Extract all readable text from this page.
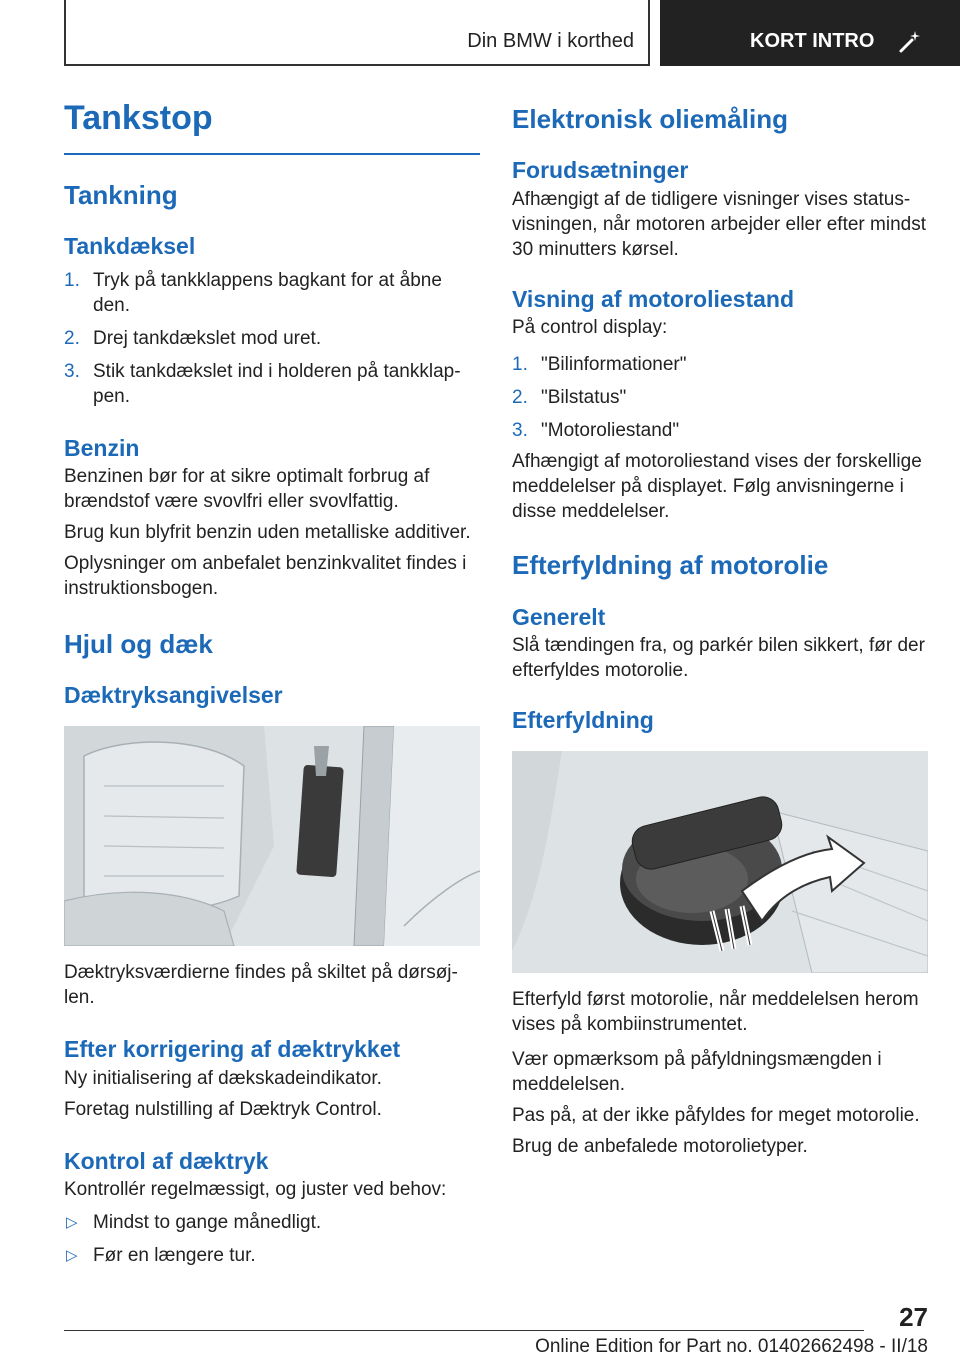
Din BMW i korthed	KORT INTRO
Tankstop
Tankning
Tankdæksel
1. Tryk på tankklappens bagkant for at åbne den.
2. Drej tankdækslet mod uret.
3. Stik tankdækslet ind i holderen på tankklap‐pen.
Benzin

Benzinen bør for at sikre optimalt forbrug af brændstof være svovlfri eller svovlfattig.

Brug kun blyfrit benzin uden metalliske additiver.

Oplysninger om anbefalet benzinkvalitet findes i instruktionsbogen.

Hjul og dæk
Dæktryksangivelser

Dæktryksværdierne findes på skiltet på dørsøj‐len.

Efter korrigering af dæktrykket

Ny initialisering af dækskadeindikator.

Foretag nulstilling af Dæktryk Control.

Kontrol af dæktryk

Kontrollér regelmæssigt, og juster ved behov:

▷ Mindst to gange månedligt.
▷ Før en længere tur.
Elektronisk oliemåling
Forudsætninger

Afhængigt af de tidligere visninger vises status‐visningen, når motoren arbejder eller efter mindst 30 minutters kørsel.

Visning af motoroliestand

På control display:

1. "Bilinformationer"
2. "Bilstatus"
3. "Motoroliestand"

Afhængigt af motoroliestand vises der forskellige meddelelser på displayet. Følg anvisningerne i disse meddelelser.

Efterfyldning af motorolie
Generelt

Slå tændingen fra, og parkér bilen sikkert, før der efterfyldes motorolie.

Efterfyldning

Efterfyld først motorolie, når meddelelsen herom vises på kombiinstrumentet.

Vær opmærksom på påfyldningsmængden i meddelelsen.

Pas på, at der ikke påfyldes for meget motorolie.

Brug de anbefalede motorolietyper.

27
Online Edition for Part no. 01402662498 - II/18
